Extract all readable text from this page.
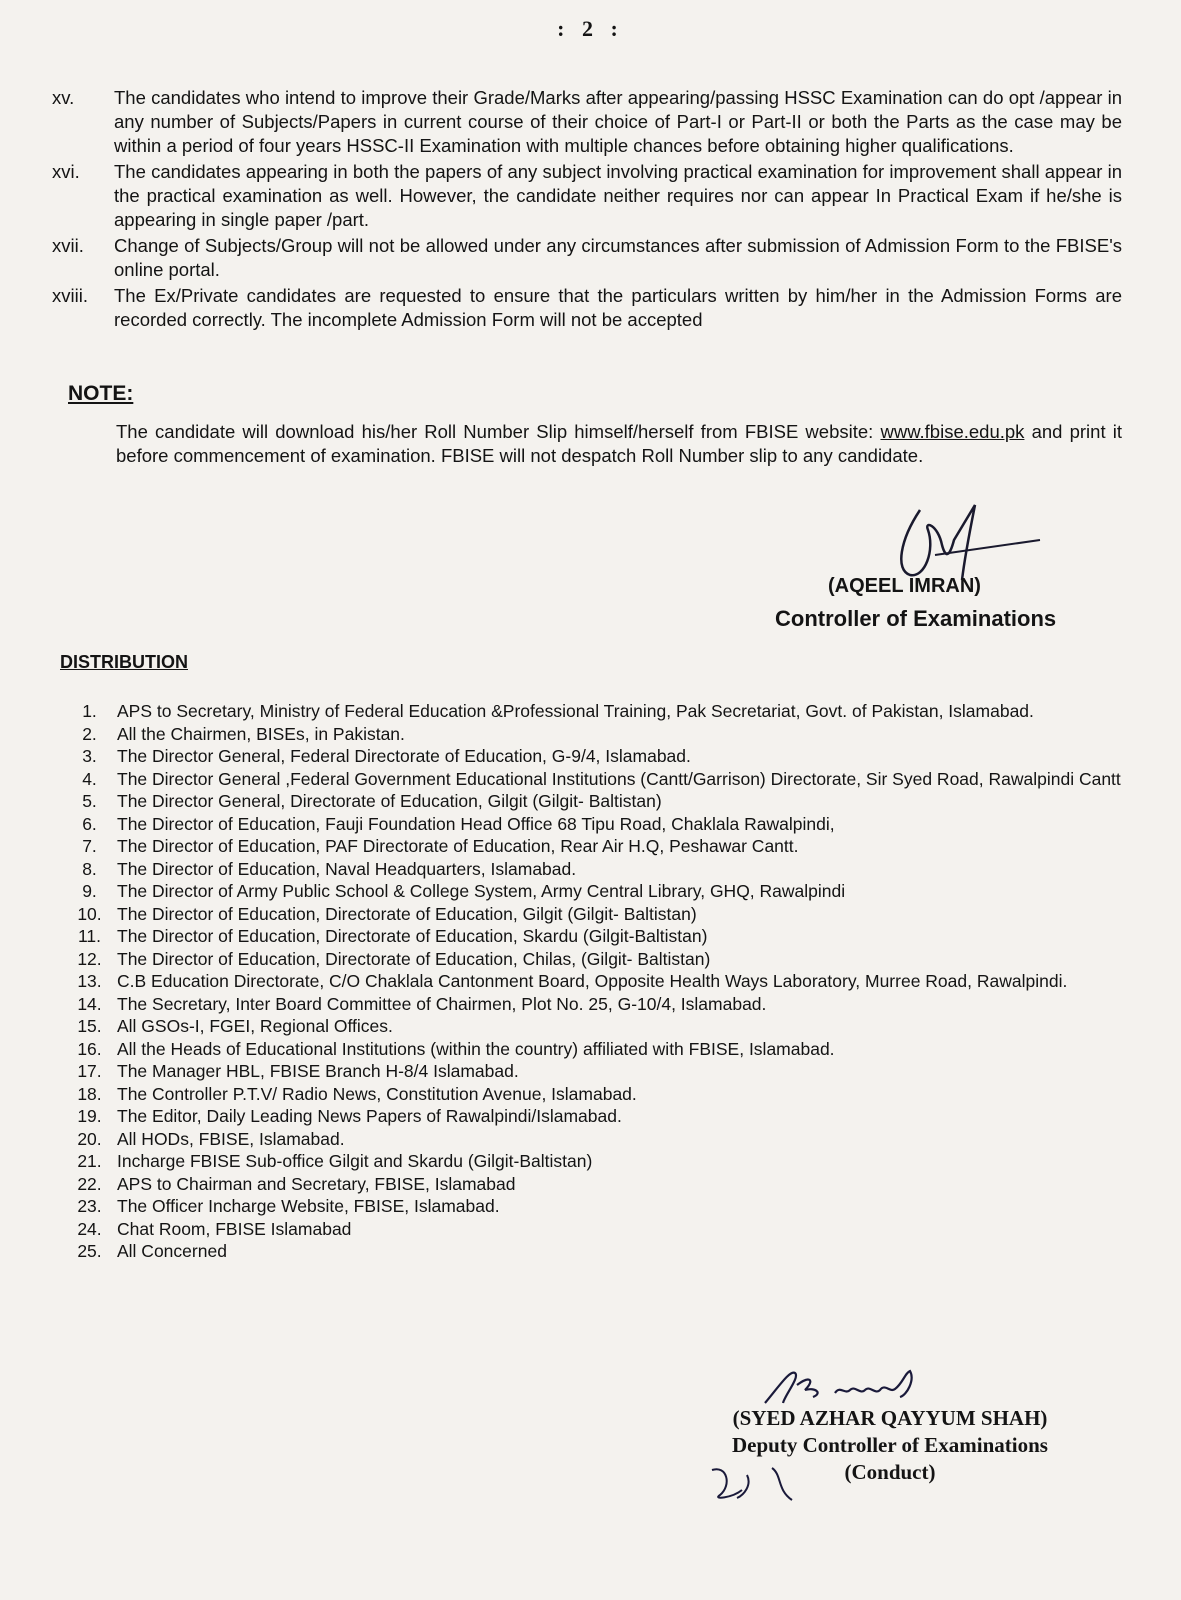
: 2 :
xv.	The candidates who intend to improve their Grade/Marks after appearing/passing HSSC Examination can do opt /appear in any number of Subjects/Papers in current course of their choice of Part-I or Part-II or both the Parts as the case may be within a period of four years HSSC-II Examination with multiple chances before obtaining higher qualifications.
xvi.	The candidates appearing in both the papers of any subject involving practical examination for improvement shall appear in the practical examination as well. However, the candidate neither requires nor can appear In Practical Exam if he/she is appearing in single paper /part.
xvii.	Change of Subjects/Group will not be allowed under any circumstances after submission of Admission Form to the FBISE's online portal.
xviii.	The Ex/Private candidates are requested to ensure that the particulars written by him/her in the Admission Forms are recorded correctly. The incomplete Admission Form will not be accepted
NOTE:
The candidate will download his/her Roll Number Slip himself/herself from FBISE website: www.fbise.edu.pk and print it before commencement of examination. FBISE will not despatch Roll Number slip to any candidate.
(AQEEL IMRAN)
Controller of Examinations
DISTRIBUTION
1.	APS to Secretary, Ministry of Federal Education &Professional Training, Pak Secretariat, Govt. of Pakistan, Islamabad.
2.	All the Chairmen, BISEs, in Pakistan.
3.	The Director General, Federal Directorate of Education, G-9/4, Islamabad.
4.	The Director General ,Federal Government Educational Institutions (Cantt/Garrison) Directorate, Sir Syed Road, Rawalpindi Cantt
5.	The Director General, Directorate of Education, Gilgit (Gilgit- Baltistan)
6.	The Director of Education, Fauji Foundation Head Office 68 Tipu Road, Chaklala Rawalpindi,
7.	The Director of Education, PAF Directorate of Education, Rear Air H.Q, Peshawar Cantt.
8.	The Director of Education, Naval Headquarters, Islamabad.
9.	The Director of Army Public School & College System, Army Central Library, GHQ, Rawalpindi
10. The Director of Education, Directorate of Education, Gilgit (Gilgit- Baltistan)
11. The Director of Education, Directorate of Education, Skardu (Gilgit-Baltistan)
12. The Director of Education, Directorate of Education, Chilas, (Gilgit- Baltistan)
13. C.B Education Directorate, C/O Chaklala Cantonment Board, Opposite Health Ways Laboratory, Murree Road, Rawalpindi.
14. The Secretary, Inter Board Committee of Chairmen, Plot No. 25, G-10/4, Islamabad.
15. All GSOs-I, FGEI, Regional Offices.
16. All the Heads of Educational Institutions (within the country) affiliated with FBISE, Islamabad.
17. The Manager HBL, FBISE Branch H-8/4 Islamabad.
18. The Controller P.T.V/ Radio News, Constitution Avenue, Islamabad.
19. The Editor, Daily Leading News Papers of Rawalpindi/Islamabad.
20. All HODs, FBISE, Islamabad.
21. Incharge FBISE Sub-office Gilgit and Skardu (Gilgit-Baltistan)
22. APS to Chairman and Secretary, FBISE, Islamabad
23. The Officer Incharge Website, FBISE, Islamabad.
24. Chat Room, FBISE Islamabad
25. All Concerned
(SYED AZHAR QAYYUM SHAH)
Deputy Controller of Examinations
(Conduct)
